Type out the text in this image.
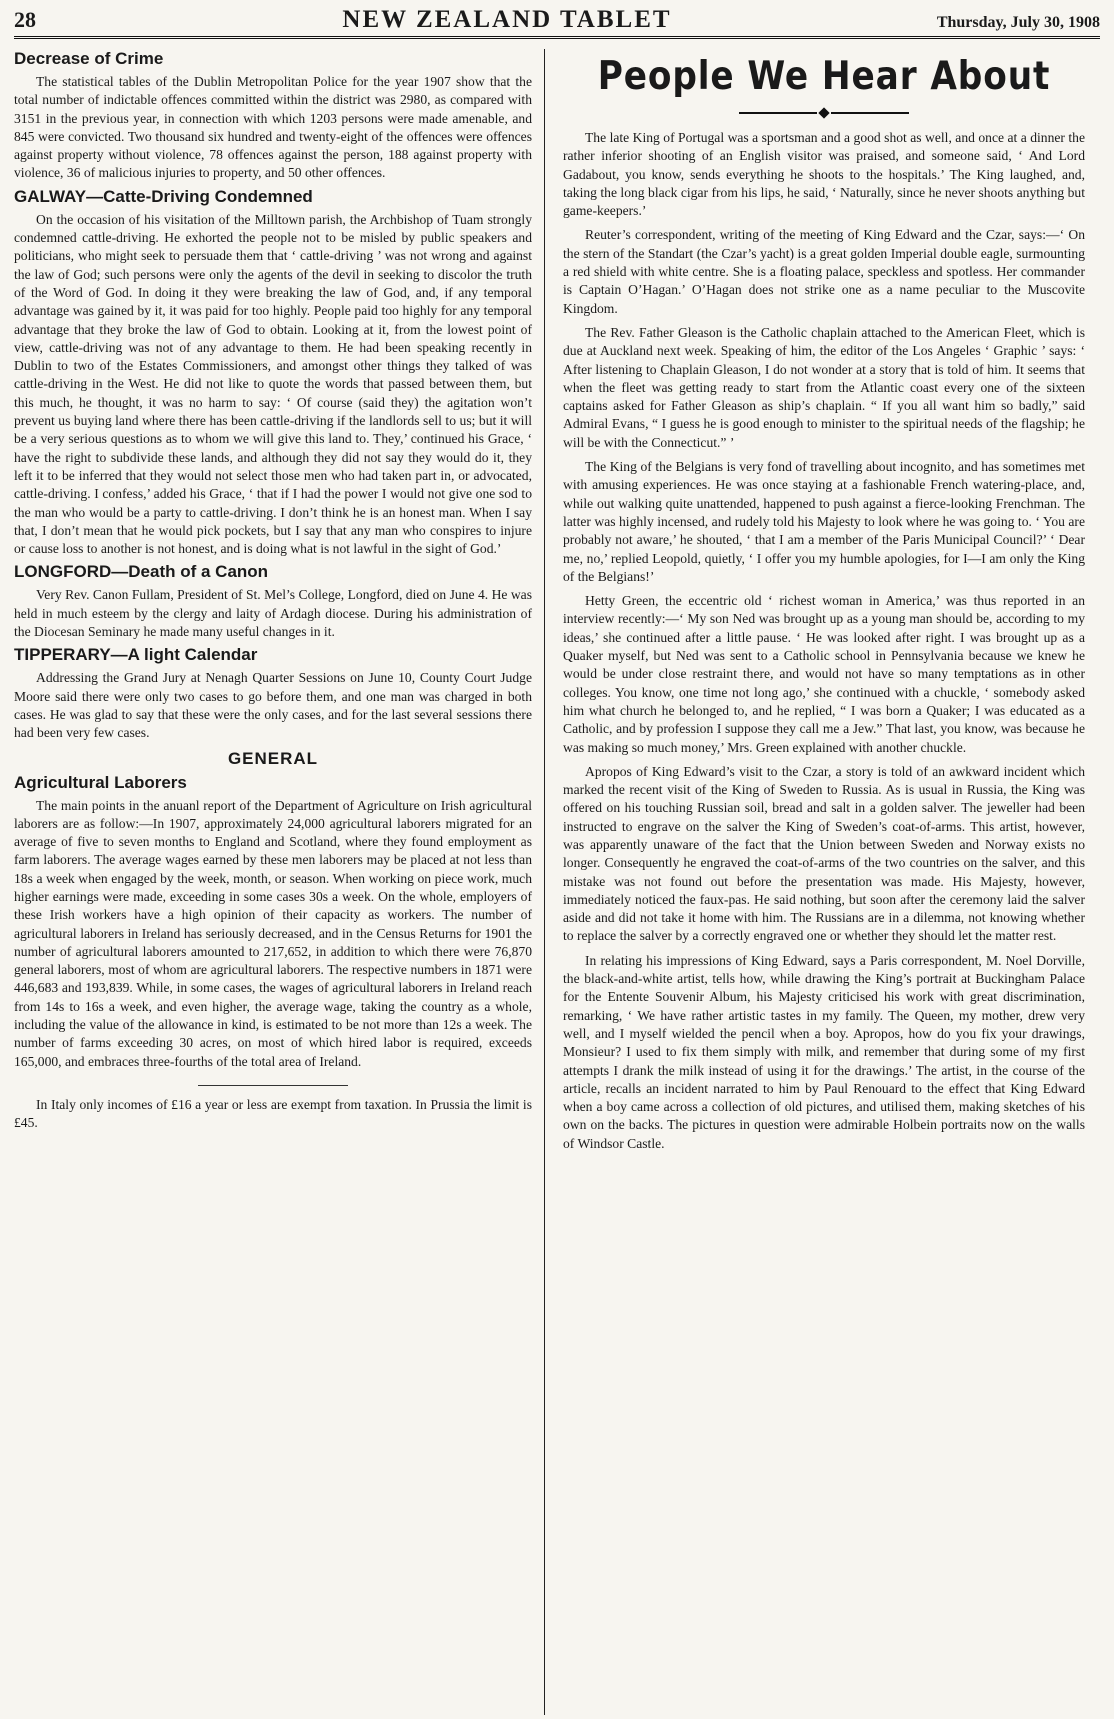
28	NEW ZEALAND TABLET	Thursday, July 30, 1908
Decrease of Crime

The statistical tables of the Dublin Metropolitan Police for the year 1907 show that the total number of indictable offences committed within the district was 2980, as compared with 3151 in the previous year, in connection with which 1203 persons were made amenable, and 845 were convicted. Two thousand six hundred and twenty-eight of the offences were offences against property without violence, 78 offences against the person, 188 against property with violence, 36 of malicious injuries to property, and 50 other offences.

GALWAY—Catte-Driving Condemned

On the occasion of his visitation of the Milltown parish, the Archbishop of Tuam strongly condemned cattle-driving. He exhorted the people not to be misled by public speakers and politicians, who might seek to persuade them that ‘ cattle-driving ’ was not wrong and against the law of God; such persons were only the agents of the devil in seeking to discolor the truth of the Word of God. In doing it they were breaking the law of God, and, if any temporal advantage was gained by it, it was paid for too highly. People paid too highly for any temporal advantage that they broke the law of God to obtain. Looking at it, from the lowest point of view, cattle-driving was not of any advantage to them. He had been speaking recently in Dublin to two of the Estates Commissioners, and amongst other things they talked of was cattle-driving in the West. He did not like to quote the words that passed between them, but this much, he thought, it was no harm to say: ‘ Of course (said they) the agitation won’t prevent us buying land where there has been cattle-driving if the landlords sell to us; but it will be a very serious questions as to whom we will give this land to. They,’ continued his Grace, ‘ have the right to subdivide these lands, and although they did not say they would do it, they left it to be inferred that they would not select those men who had taken part in, or advocated, cattle-driving. I confess,’ added his Grace, ‘ that if I had the power I would not give one sod to the man who would be a party to cattle-driving. I don’t think he is an honest man. When I say that, I don’t mean that he would pick pockets, but I say that any man who conspires to injure or cause loss to another is not honest, and is doing what is not lawful in the sight of God.’

LONGFORD—Death of a Canon

Very Rev. Canon Fullam, President of St. Mel’s College, Longford, died on June 4. He was held in much esteem by the clergy and laity of Ardagh diocese. During his administration of the Diocesan Seminary he made many useful changes in it.

TIPPERARY—A light Calendar

Addressing the Grand Jury at Nenagh Quarter Sessions on June 10, County Court Judge Moore said there were only two cases to go before them, and one man was charged in both cases. He was glad to say that these were the only cases, and for the last several sessions there had been very few cases.

GENERAL
Agricultural Laborers

The main points in the anuanl report of the Department of Agriculture on Irish agricultural laborers are as follow:—In 1907, approximately 24,000 agricultural laborers migrated for an average of five to seven months to England and Scotland, where they found employment as farm laborers. The average wages earned by these men laborers may be placed at not less than 18s a week when engaged by the week, month, or season. When working on piece work, much higher earnings were made, exceeding in some cases 30s a week. On the whole, employers of these Irish workers have a high opinion of their capacity as workers. The number of agricultural laborers in Ireland has seriously decreased, and in the Census Returns for 1901 the number of agricultural laborers amounted to 217,652, in addition to which there were 76,870 general laborers, most of whom are agricultural laborers. The respective numbers in 1871 were 446,683 and 193,839. While, in some cases, the wages of agricultural laborers in Ireland reach from 14s to 16s a week, and even higher, the average wage, taking the country as a whole, including the value of the allowance in kind, is estimated to be not more than 12s a week. The number of farms exceeding 30 acres, on most of which hired labor is required, exceeds 165,000, and embraces three-fourths of the total area of Ireland.

In Italy only incomes of £16 a year or less are exempt from taxation. In Prussia the limit is £45.

People We Hear About

The late King of Portugal was a sportsman and a good shot as well, and once at a dinner the rather inferior shooting of an English visitor was praised, and someone said, ‘ And Lord Gadabout, you know, sends everything he shoots to the hospitals.’ The King laughed, and, taking the long black cigar from his lips, he said, ‘ Naturally, since he never shoots anything but game-keepers.’

Reuter’s correspondent, writing of the meeting of King Edward and the Czar, says:—‘ On the stern of the Standart (the Czar’s yacht) is a great golden Imperial double eagle, surmounting a red shield with white centre. She is a floating palace, speckless and spotless. Her commander is Captain O’Hagan.’ O’Hagan does not strike one as a name peculiar to the Muscovite Kingdom.

The Rev. Father Gleason is the Catholic chaplain attached to the American Fleet, which is due at Auckland next week. Speaking of him, the editor of the Los Angeles ‘ Graphic ’ says: ‘ After listening to Chaplain Gleason, I do not wonder at a story that is told of him. It seems that when the fleet was getting ready to start from the Atlantic coast every one of the sixteen captains asked for Father Gleason as ship’s chaplain. “ If you all want him so badly,” said Admiral Evans, “ I guess he is good enough to minister to the spiritual needs of the flagship; he will be with the Connecticut.” ’

The King of the Belgians is very fond of travelling about incognito, and has sometimes met with amusing experiences. He was once staying at a fashionable French watering-place, and, while out walking quite unattended, happened to push against a fierce-looking Frenchman. The latter was highly incensed, and rudely told his Majesty to look where he was going to. ‘ You are probably not aware,’ he shouted, ‘ that I am a member of the Paris Municipal Council?’ ‘ Dear me, no,’ replied Leopold, quietly, ‘ I offer you my humble apologies, for I—I am only the King of the Belgians!’

Hetty Green, the eccentric old ‘ richest woman in America,’ was thus reported in an interview recently:—‘ My son Ned was brought up as a young man should be, according to my ideas,’ she continued after a little pause. ‘ He was looked after right. I was brought up as a Quaker myself, but Ned was sent to a Catholic school in Pennsylvania because we knew he would be under close restraint there, and would not have so many temptations as in other colleges. You know, one time not long ago,’ she continued with a chuckle, ‘ somebody asked him what church he belonged to, and he replied, “ I was born a Quaker; I was educated as a Catholic, and by profession I suppose they call me a Jew.” That last, you know, was because he was making so much money,’ Mrs. Green explained with another chuckle.

Apropos of King Edward’s visit to the Czar, a story is told of an awkward incident which marked the recent visit of the King of Sweden to Russia. As is usual in Russia, the King was offered on his touching Russian soil, bread and salt in a golden salver. The jeweller had been instructed to engrave on the salver the King of Sweden’s coat-of-arms. This artist, however, was apparently unaware of the fact that the Union between Sweden and Norway exists no longer. Consequently he engraved the coat-of-arms of the two countries on the salver, and this mistake was not found out before the presentation was made. His Majesty, however, immediately noticed the faux-pas. He said nothing, but soon after the ceremony laid the salver aside and did not take it home with him. The Russians are in a dilemma, not knowing whether to replace the salver by a correctly engraved one or whether they should let the matter rest.

In relating his impressions of King Edward, says a Paris correspondent, M. Noel Dorville, the black-and-white artist, tells how, while drawing the King’s portrait at Buckingham Palace for the Entente Souvenir Album, his Majesty criticised his work with great discrimination, remarking, ‘ We have rather artistic tastes in my family. The Queen, my mother, drew very well, and I myself wielded the pencil when a boy. Apropos, how do you fix your drawings, Monsieur? I used to fix them simply with milk, and remember that during some of my first attempts I drank the milk instead of using it for the drawings.’ The artist, in the course of the article, recalls an incident narrated to him by Paul Renouard to the effect that King Edward when a boy came across a collection of old pictures, and utilised them, making sketches of his own on the backs. The pictures in question were admirable Holbein portraits now on the walls of Windsor Castle.
